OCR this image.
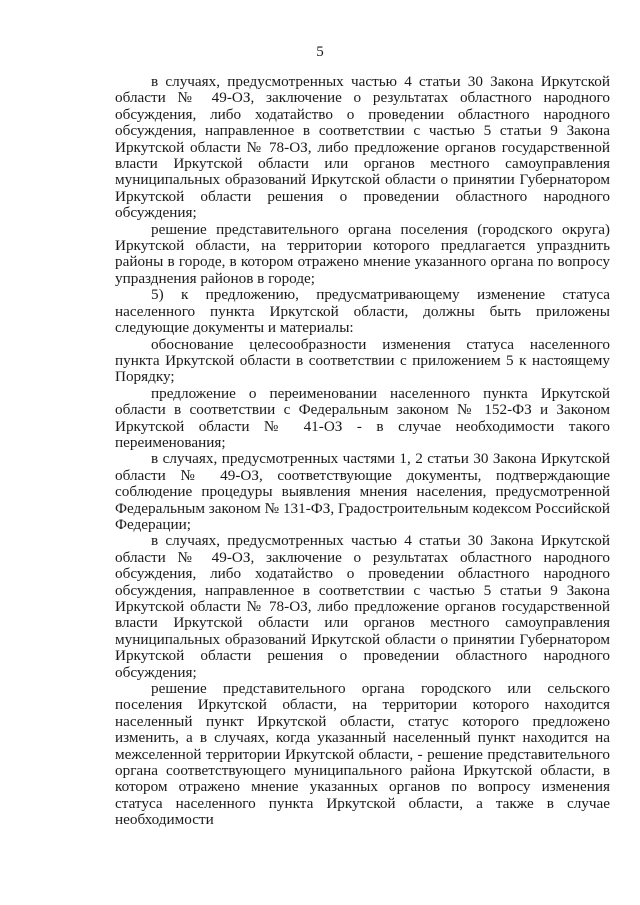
5

в случаях, предусмотренных частью 4 статьи 30 Закона Иркутской области № 49-ОЗ, заключение о результатах областного народного обсуждения, либо ходатайство о проведении областного народного обсуждения, направленное в соответствии с частью 5 статьи 9 Закона Иркутской области № 78-ОЗ, либо предложение органов государственной власти Иркутской области или органов местного самоуправления муниципальных образований Иркутской области о принятии Губернатором Иркутской области решения о проведении областного народного обсуждения;

решение представительного органа поселения (городского округа) Иркутской области, на территории которого предлагается упразднить районы в городе, в котором отражено мнение указанного органа по вопросу упразднения районов в городе;

5) к предложению, предусматривающему изменение статуса населенного пункта Иркутской области, должны быть приложены следующие документы и материалы:

обоснование целесообразности изменения статуса населенного пункта Иркутской области в соответствии с приложением 5 к настоящему Порядку;

предложение о переименовании населенного пункта Иркутской области в соответствии с Федеральным законом № 152-ФЗ и Законом Иркутской области № 41-ОЗ - в случае необходимости такого переименования;

в случаях, предусмотренных частями 1, 2 статьи 30 Закона Иркутской области № 49-ОЗ, соответствующие документы, подтверждающие соблюдение процедуры выявления мнения населения, предусмотренной Федеральным законом № 131-ФЗ, Градостроительным кодексом Российской Федерации;

в случаях, предусмотренных частью 4 статьи 30 Закона Иркутской области № 49-ОЗ, заключение о результатах областного народного обсуждения, либо ходатайство о проведении областного народного обсуждения, направленное в соответствии с частью 5 статьи 9 Закона Иркутской области № 78-ОЗ, либо предложение органов государственной власти Иркутской области или органов местного самоуправления муниципальных образований Иркутской области о принятии Губернатором Иркутской области решения о проведении областного народного обсуждения;

решение представительного органа городского или сельского поселения Иркутской области, на территории которого находится населенный пункт Иркутской области, статус которого предложено изменить, а в случаях, когда указанный населенный пункт находится на межселенной территории Иркутской области, - решение представительного органа соответствующего муниципального района Иркутской области, в котором отражено мнение указанных органов по вопросу изменения статуса населенного пункта Иркутской области, а также в случае необходимости
